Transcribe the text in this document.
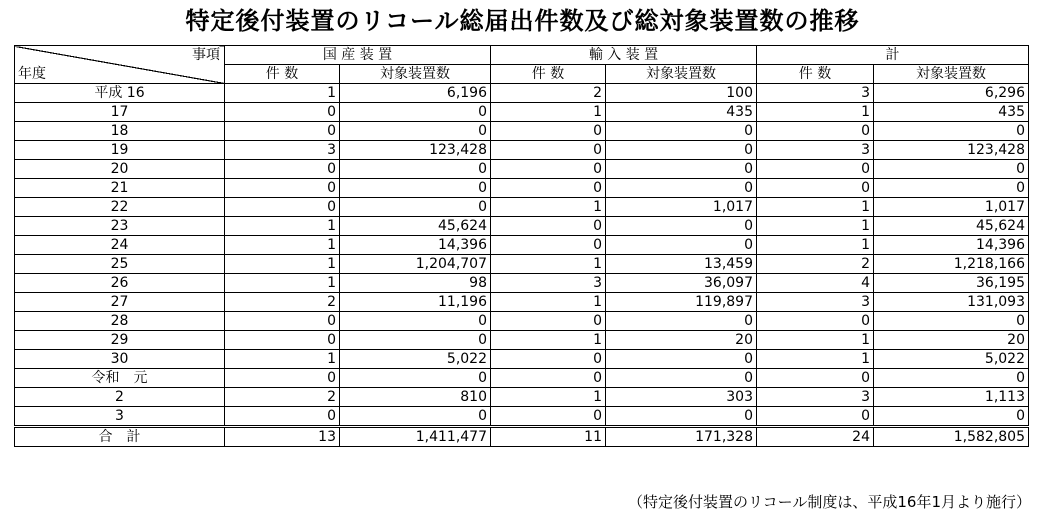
特定後付装置のリコール総届出件数及び総対象装置数の推移
事項
年度	国 産 装 置		輸 入 装 置		計	
	件 数	対象装置数	件 数	対象装置数	件 数	対象装置数
平成 16	1	6,196	2	100	3	6,296
17	0	0	1	435	1	435
18	0	0	0	0	0	0
19	3	123,428	0	0	3	123,428
20	0	0	0	0	0	0
21	0	0	0	0	0	0
22	0	0	1	1,017	1	1,017
23	1	45,624	0	0	1	45,624
24	1	14,396	0	0	1	14,396
25	1	1,204,707	1	13,459	2	1,218,166
26	1	98	3	36,097	4	36,195
27	2	11,196	1	119,897	3	131,093
28	0	0	0	0	0	0
29	0	0	1	20	1	20
30	1	5,022	0	0	1	5,022
令和　元	0	0	0	0	0	0
2	2	810	1	303	3	1,113
3	0	0	0	0	0	0
合　計	13	1,411,477	11	171,328	24	1,582,805
（特定後付装置のリコール制度は、平成16年1月より施行）
